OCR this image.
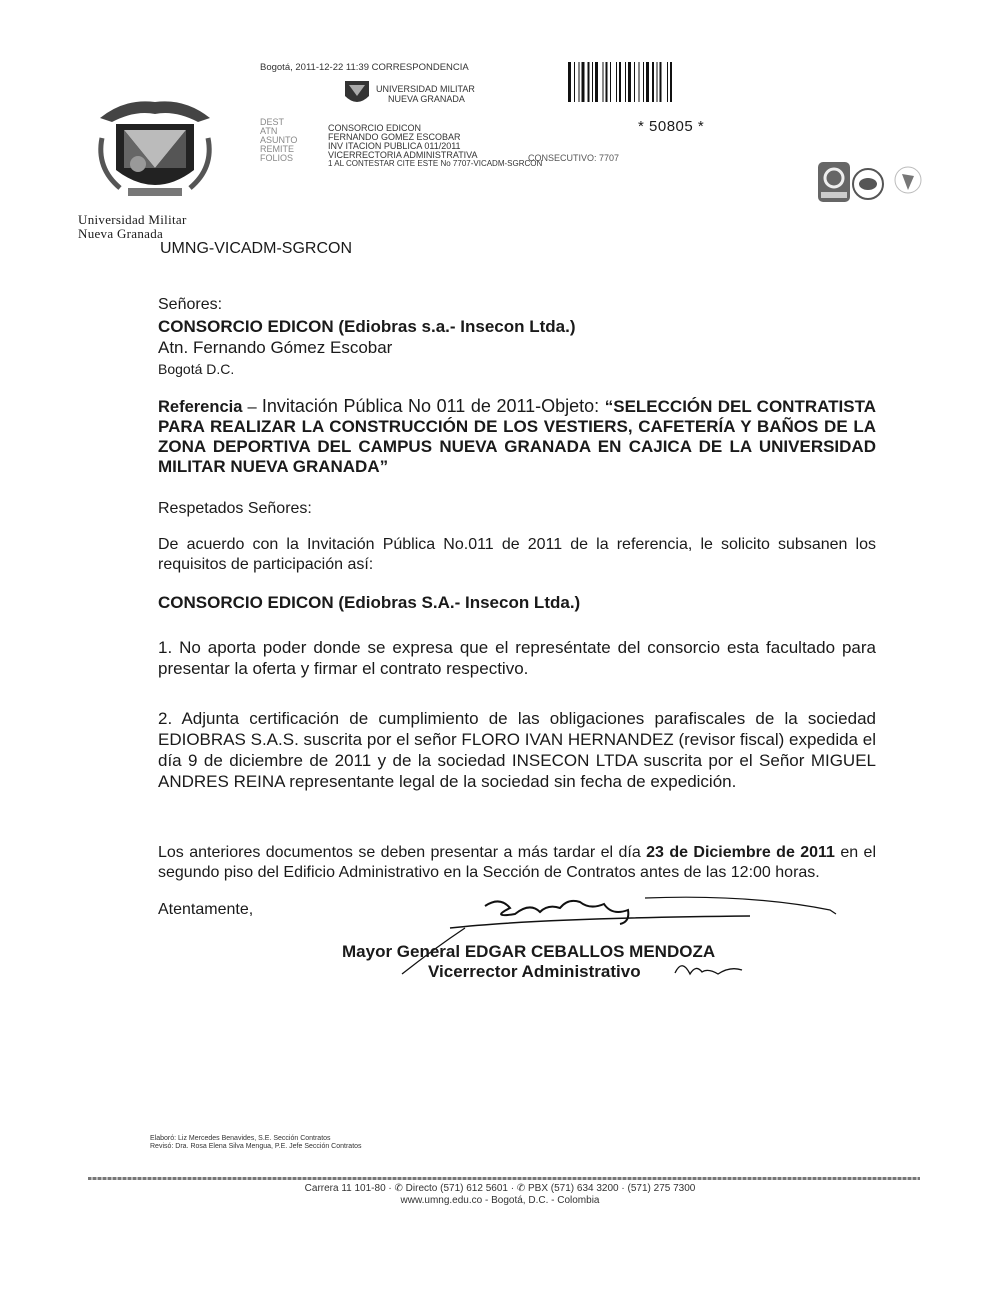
Universidad Militar
Nueva Granada
Bogotá, 2011-12-22 11:39 CORRESPONDENCIA
UNIVERSIDAD MILITAR
NUEVA GRANADA
DEST
ATN
ASUNTO
REMITE
FOLIOS
CONSORCIO EDICON
FERNANDO GOMEZ ESCOBAR
INV ITACION PUBLICA 011/2011
VICERRECTORIA ADMINISTRATIVA
1 AL CONTESTAR CITE ESTE No 7707-VICADM-SGRCON
CONSECUTIVO: 7707
* 50805 *
UMNG-VICADM-SGRCON
Señores:
CONSORCIO EDICON (Ediobras s.a.- Insecon Ltda.)
Atn. Fernando Gómez Escobar
Bogotá D.C.
Referencia – Invitación Pública No 011 de 2011-Objeto: “SELECCIÓN DEL CONTRATISTA PARA REALIZAR LA CONSTRUCCIÓN DE LOS VESTIERS, CAFETERÍA Y BAÑOS DE LA ZONA DEPORTIVA DEL CAMPUS NUEVA GRANADA EN CAJICA DE LA UNIVERSIDAD MILITAR NUEVA GRANADA”
Respetados Señores:
De acuerdo con la Invitación Pública No.011 de 2011 de la referencia, le solicito subsanen los requisitos de participación así:
CONSORCIO EDICON (Ediobras S.A.- Insecon Ltda.)
1. No aporta poder donde se expresa que el represéntate del consorcio esta facultado para presentar la oferta y firmar el contrato respectivo.
2. Adjunta certificación de cumplimiento de las obligaciones parafiscales de la sociedad EDIOBRAS S.A.S. suscrita por el señor FLORO IVAN HERNANDEZ (revisor fiscal) expedida el día 9 de diciembre de 2011 y de la sociedad INSECON LTDA suscrita por el Señor MIGUEL ANDRES REINA representante legal de la sociedad sin fecha de expedición.
Los anteriores documentos se deben presentar a más tardar el día 23 de Diciembre de 2011 en el segundo piso del Edificio Administrativo en la Sección de Contratos antes de las 12:00 horas.
Atentamente,
Mayor General EDGAR CEBALLOS MENDOZA
Vicerrector Administrativo
Elaboró: Liz Mercedes Benavides, S.E. Sección Contratos
Revisó: Dra. Rosa Elena Silva Mengua, P.E. Jefe Sección Contratos
Carrera 11 101-80 · ✆ Directo (571) 612 5601 · ✆ PBX (571) 634 3200 · (571) 275 7300
www.umng.edu.co - Bogotá, D.C. - Colombia
